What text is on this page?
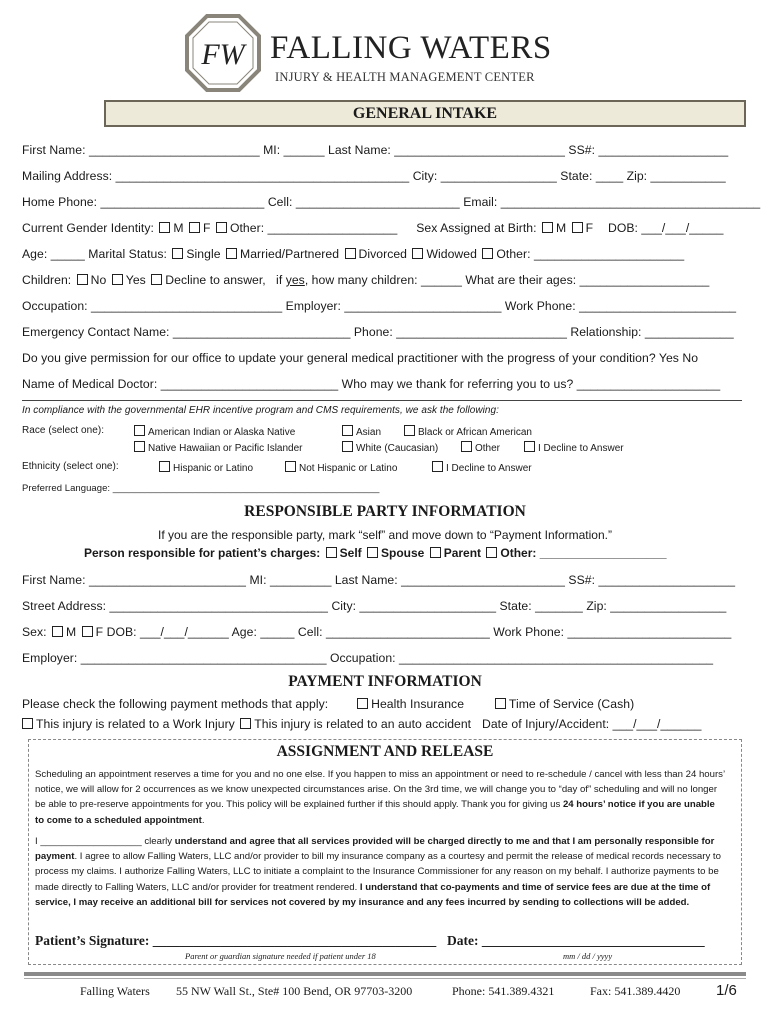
FW FALLING WATERS
INJURY & HEALTH MANAGEMENT CENTER
GENERAL INTAKE
First Name: _________________________ MI: ______ Last Name: _________________________ SS#: ___________________
Mailing Address: ___________________________________________ City: _________________ State: ____ Zip: ___________
Home Phone: ________________________ Cell: ________________________ Email: ______________________________________
Current Gender Identity: M F Other: ___________________ Sex Assigned at Birth: M F DOB: ___/___/_____
Age: _____ Marital Status: Single Married/Partnered Divorced Widowed Other: ______________________
Children: No Yes Decline to answer,   if yes, how many children: ______ What are their ages: ___________________
Occupation: ____________________________ Employer: _______________________ Work Phone: _______________________
Emergency Contact Name: __________________________ Phone: _________________________ Relationship: _____________
Do you give permission for our office to update your general medical practitioner with the progress of your condition? Yes No
Name of Medical Doctor: __________________________ Who may we thank for referring you to us? _____________________
In compliance with the governmental EHR incentive program and CMS requirements, we ask the following:
Race (select one):	American Indian or Alaska Native	Asian	Black or African American
Native Hawaiian or Pacific Islander	White (Caucasian)	Other	I Decline to Answer
Ethnicity (select one):	Hispanic or Latino	Not Hispanic or Latino	I Decline to Answer
Preferred Language: __________________________________________________
RESPONSIBLE PARTY INFORMATION
If you are the responsible party, mark “self” and move down to “Payment Information.”
Person responsible for patient’s charges: Self Spouse Parent Other: ___________________
First Name: _______________________ MI: _________ Last Name: ________________________ SS#: ____________________
Street Address: ________________________________ City: ____________________ State: _______ Zip: _________________
Sex: M F DOB: ___/___/______ Age: _____ Cell: ________________________ Work Phone: ________________________
Employer: ____________________________________ Occupation: ______________________________________________
PAYMENT INFORMATION
Please check the following payment methods that apply:	Health Insurance	Time of Service (Cash)
This injury is related to a Work Injury This injury is related to an auto accident Date of Injury/Accident: ___/___/______
ASSIGNMENT AND RELEASE
Scheduling an appointment reserves a time for you and no one else. If you happen to miss an appointment or need to re-schedule / cancel with less than 24 hours’ notice, we will allow for 2 occurrences as we know unexpected circumstances arise. On the 3rd time, we will change you to “day of” scheduling and will no longer be able to pre-reserve appointments for you. This policy will be explained further if this should apply. Thank you for giving us 24 hours’ notice if you are unable to come to a scheduled appointment.
I ___________________ clearly understand and agree that all services provided will be charged directly to me and that I am personally responsible for payment. I agree to allow Falling Waters, LLC and/or provider to bill my insurance company as a courtesy and permit the release of medical records necessary to process my claims. I authorize Falling Waters, LLC to initiate a complaint to the Insurance Commissioner for any reason on my behalf. I authorize payments to be made directly to Falling Waters, LLC and/or provider for treatment rendered. I understand that co-payments and time of service fees are due at the time of service, I may receive an additional bill for services not covered by my insurance and any fees incurred by sending to collections will be added.
Patient’s Signature: __________________________________________ Date: _________________________________
Parent or guardian signature needed if patient under 18	mm / dd / yyyy
Falling Waters 55 NW Wall St., Ste# 100 Bend, OR 97703-3200	Phone: 541.389.4321	Fax: 541.389.4420 1/6
